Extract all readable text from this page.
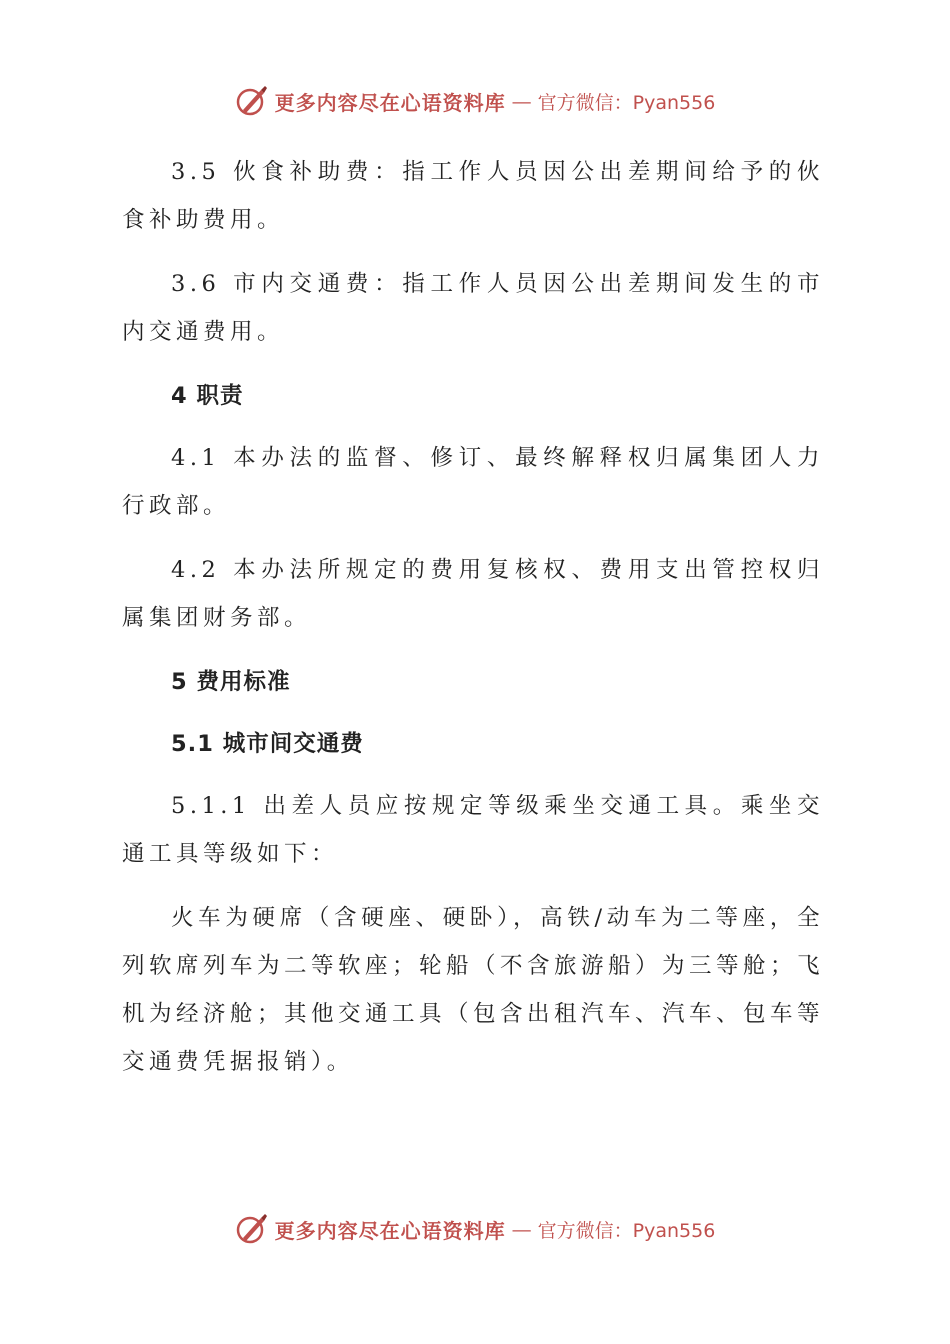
更多内容尽在心语资料库 — 官方微信：Pyan556

3.5 伙食补助费：指工作人员因公出差期间给予的伙食补助费用。

3.6 市内交通费：指工作人员因公出差期间发生的市内交通费用。

4 职责

4.1 本办法的监督、修订、最终解释权归属集团人力行政部。

4.2 本办法所规定的费用复核权、费用支出管控权归属集团财务部。

5 费用标准
5.1 城市间交通费

5.1.1 出差人员应按规定等级乘坐交通工具。乘坐交通工具等级如下：

火车为硬席（含硬座、硬卧），高铁/动车为二等座，全列软席列车为二等软座；轮船（不含旅游船）为三等舱；飞机为经济舱；其他交通工具（包含出租汽车、汽车、包车等交通费凭据报销）。

更多内容尽在心语资料库 — 官方微信：Pyan556
